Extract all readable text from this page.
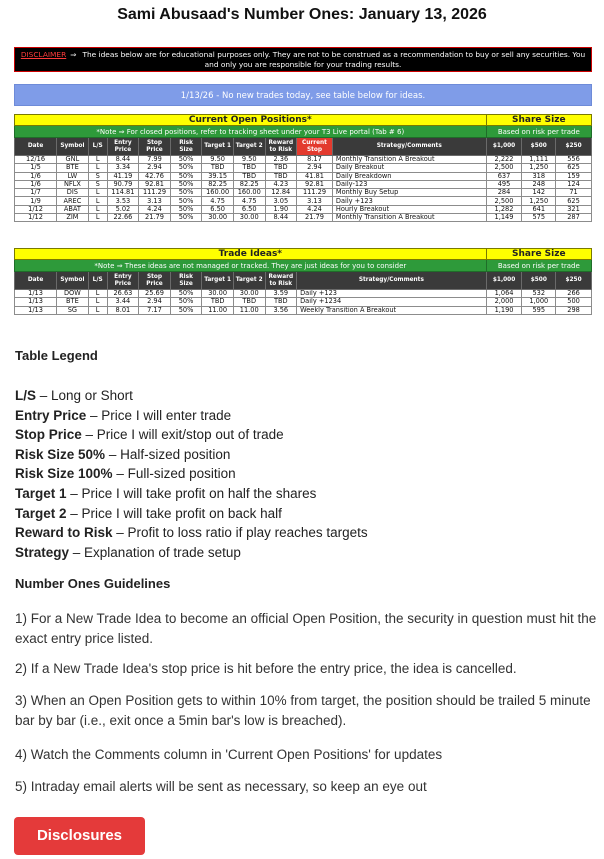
Sami Abusaad's Number Ones: January 13, 2026
DISCLAIMER ⇒ The ideas below are for educational purposes only. They are not to be construed as a recommendation to buy or sell any securities. You and only you are responsible for your trading results.
1/13/26 - No new trades today, see table below for ideas.
Current Open Positions*											Share Size		
*Note ⇒ For closed positions, refer to tracking sheet under your T3 Live portal (Tab # 6)											Based on risk per trade		
Date	Symbol	L/S	Entry Price	Stop Price	Risk Size	Target 1	Target 2	Reward to Risk	Current Stop	Strategy/Comments	$1,000	$500	$250
12/16	GNL	L	8.44	7.99	50%	9.50	9.50	2.36	8.17	Monthly Transition A Breakout	2,222	1,111	556
1/5	BTE	L	3.34	2.94	50%	TBD	TBD	TBD	2.94	Daily Breakout	2,500	1,250	625
1/6	LW	S	41.19	42.76	50%	39.15	TBD	TBD	41.81	Daily Breakdown	637	318	159
1/6	NFLX	S	90.79	92.81	50%	82.25	82.25	4.23	92.81	Daily-123	495	248	124
1/7	DIS	L	114.81	111.29	50%	160.00	160.00	12.84	111.29	Monthly Buy Setup	284	142	71
1/9	AREC	L	3.53	3.13	50%	4.75	4.75	3.05	3.13	Daily +123	2,500	1,250	625
1/12	ABAT	L	5.02	4.24	50%	6.50	6.50	1.90	4.24	Hourly Breakout	1,282	641	321
1/12	ZIM	L	22.66	21.79	50%	30.00	30.00	8.44	21.79	Monthly Transition A Breakout	1,149	575	287
Trade Ideas*										Share Size		
*Note ⇒ These ideas are not managed or tracked. They are just ideas for you to consider										Based on risk per trade		
Date	Symbol	L/S	Entry Price	Stop Price	Risk Size	Target 1	Target 2	Reward to Risk	Strategy/Comments	$1,000	$500	$250
1/13	DOW	L	26.63	25.69	50%	30.00	30.00	3.59	Daily +123	1,064	532	266
1/13	BTE	L	3.44	2.94	50%	TBD	TBD	TBD	Daily +1234	2,000	1,000	500
1/13	SG	L	8.01	7.17	50%	11.00	11.00	3.56	Weekly Transition A Breakout	1,190	595	298
Table Legend
L/S – Long or Short
Entry Price – Price I will enter trade
Stop Price – Price I will exit/stop out of trade
Risk Size 50% – Half-sized position
Risk Size 100% – Full-sized position
Target 1 – Price I will take profit on half the shares
Target 2 – Price I will take profit on back half
Reward to Risk – Profit to loss ratio if play reaches targets
Strategy – Explanation of trade setup
Number Ones Guidelines
1) For a New Trade Idea to become an official Open Position, the security in question must hit the exact entry price listed.
2) If a New Trade Idea's stop price is hit before the entry price, the idea is cancelled.
3) When an Open Position gets to within 10% from target, the position should be trailed 5 minute bar by bar (i.e., exit once a 5min bar's low is breached).
4) Watch the Comments column in 'Current Open Positions' for updates
5) Intraday email alerts will be sent as necessary, so keep an eye out
Disclosures
